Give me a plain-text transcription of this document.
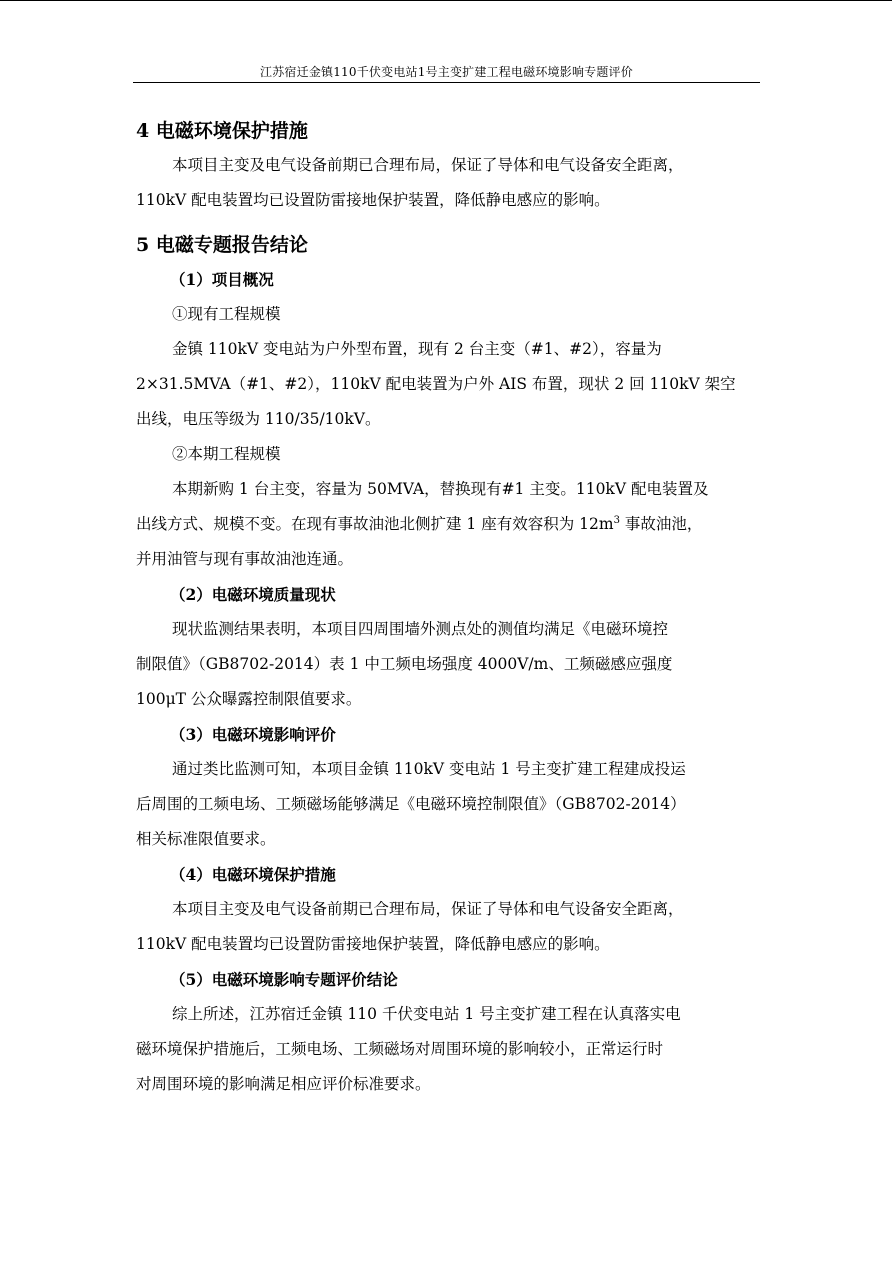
江苏宿迁金镇110千伏变电站1号主变扩建工程电磁环境影响专题评价
4 电磁环境保护措施
本项目主变及电气设备前期已合理布局，保证了导体和电气设备安全距离，
110kV 配电装置均已设置防雷接地保护装置，降低静电感应的影响。
5 电磁专题报告结论
（1）项目概况
①现有工程规模
金镇 110kV 变电站为户外型布置，现有 2 台主变（#1、#2），容量为
2×31.5MVA（#1、#2），110kV 配电装置为户外 AIS 布置，现状 2 回 110kV 架空
出线，电压等级为 110/35/10kV。
②本期工程规模
本期新购 1 台主变，容量为 50MVA，替换现有#1 主变。110kV 配电装置及
出线方式、规模不变。在现有事故油池北侧扩建 1 座有效容积为 $12m^3$ 事故油池，
并用油管与现有事故油池连通。
（2）电磁环境质量现状
现状监测结果表明，本项目四周围墙外测点处的测值均满足《电磁环境控
制限值》（GB8702-2014）表 1 中工频电场强度 4000V/m、工频磁感应强度
100μT 公众曝露控制限值要求。
（3）电磁环境影响评价
通过类比监测可知，本项目金镇 110kV 变电站 1 号主变扩建工程建成投运
后周围的工频电场、工频磁场能够满足《电磁环境控制限值》（GB8702-2014）
相关标准限值要求。
（4）电磁环境保护措施
本项目主变及电气设备前期已合理布局，保证了导体和电气设备安全距离，
110kV 配电装置均已设置防雷接地保护装置，降低静电感应的影响。
（5）电磁环境影响专题评价结论
综上所述，江苏宿迁金镇 110 千伏变电站 1 号主变扩建工程在认真落实电
磁环境保护措施后，工频电场、工频磁场对周围环境的影响较小，正常运行时
对周围环境的影响满足相应评价标准要求。
